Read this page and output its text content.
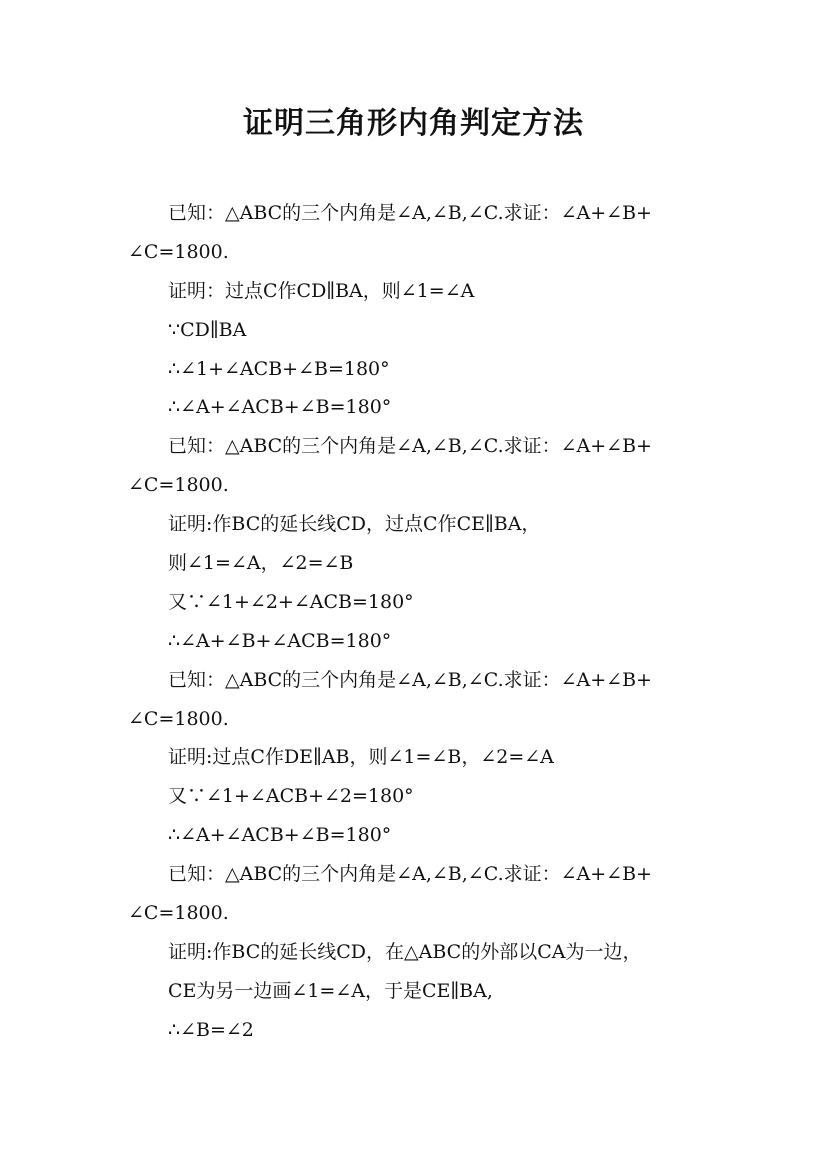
证明三角形内角判定方法
已知：△ABC的三个内角是∠A,∠B,∠C.求证：∠A+∠B+
∠C=1800.
证明：过点C作CD∥BA，则∠1=∠A
∵CD∥BA
∴∠1+∠ACB+∠B=180°
∴∠A+∠ACB+∠B=180°
已知：△ABC的三个内角是∠A,∠B,∠C.求证：∠A+∠B+
∠C=1800.
证明:作BC的延长线CD，过点C作CE∥BA，
则∠1=∠A，∠2=∠B
又∵∠1+∠2+∠ACB=180°
∴∠A+∠B+∠ACB=180°
已知：△ABC的三个内角是∠A,∠B,∠C.求证：∠A+∠B+
∠C=1800.
证明:过点C作DE∥AB，则∠1=∠B，∠2=∠A
又∵∠1+∠ACB+∠2=180°
∴∠A+∠ACB+∠B=180°
已知：△ABC的三个内角是∠A,∠B,∠C.求证：∠A+∠B+
∠C=1800.
证明:作BC的延长线CD，在△ABC的外部以CA为一边，
CE为另一边画∠1=∠A，于是CE∥BA,
∴∠B=∠2
